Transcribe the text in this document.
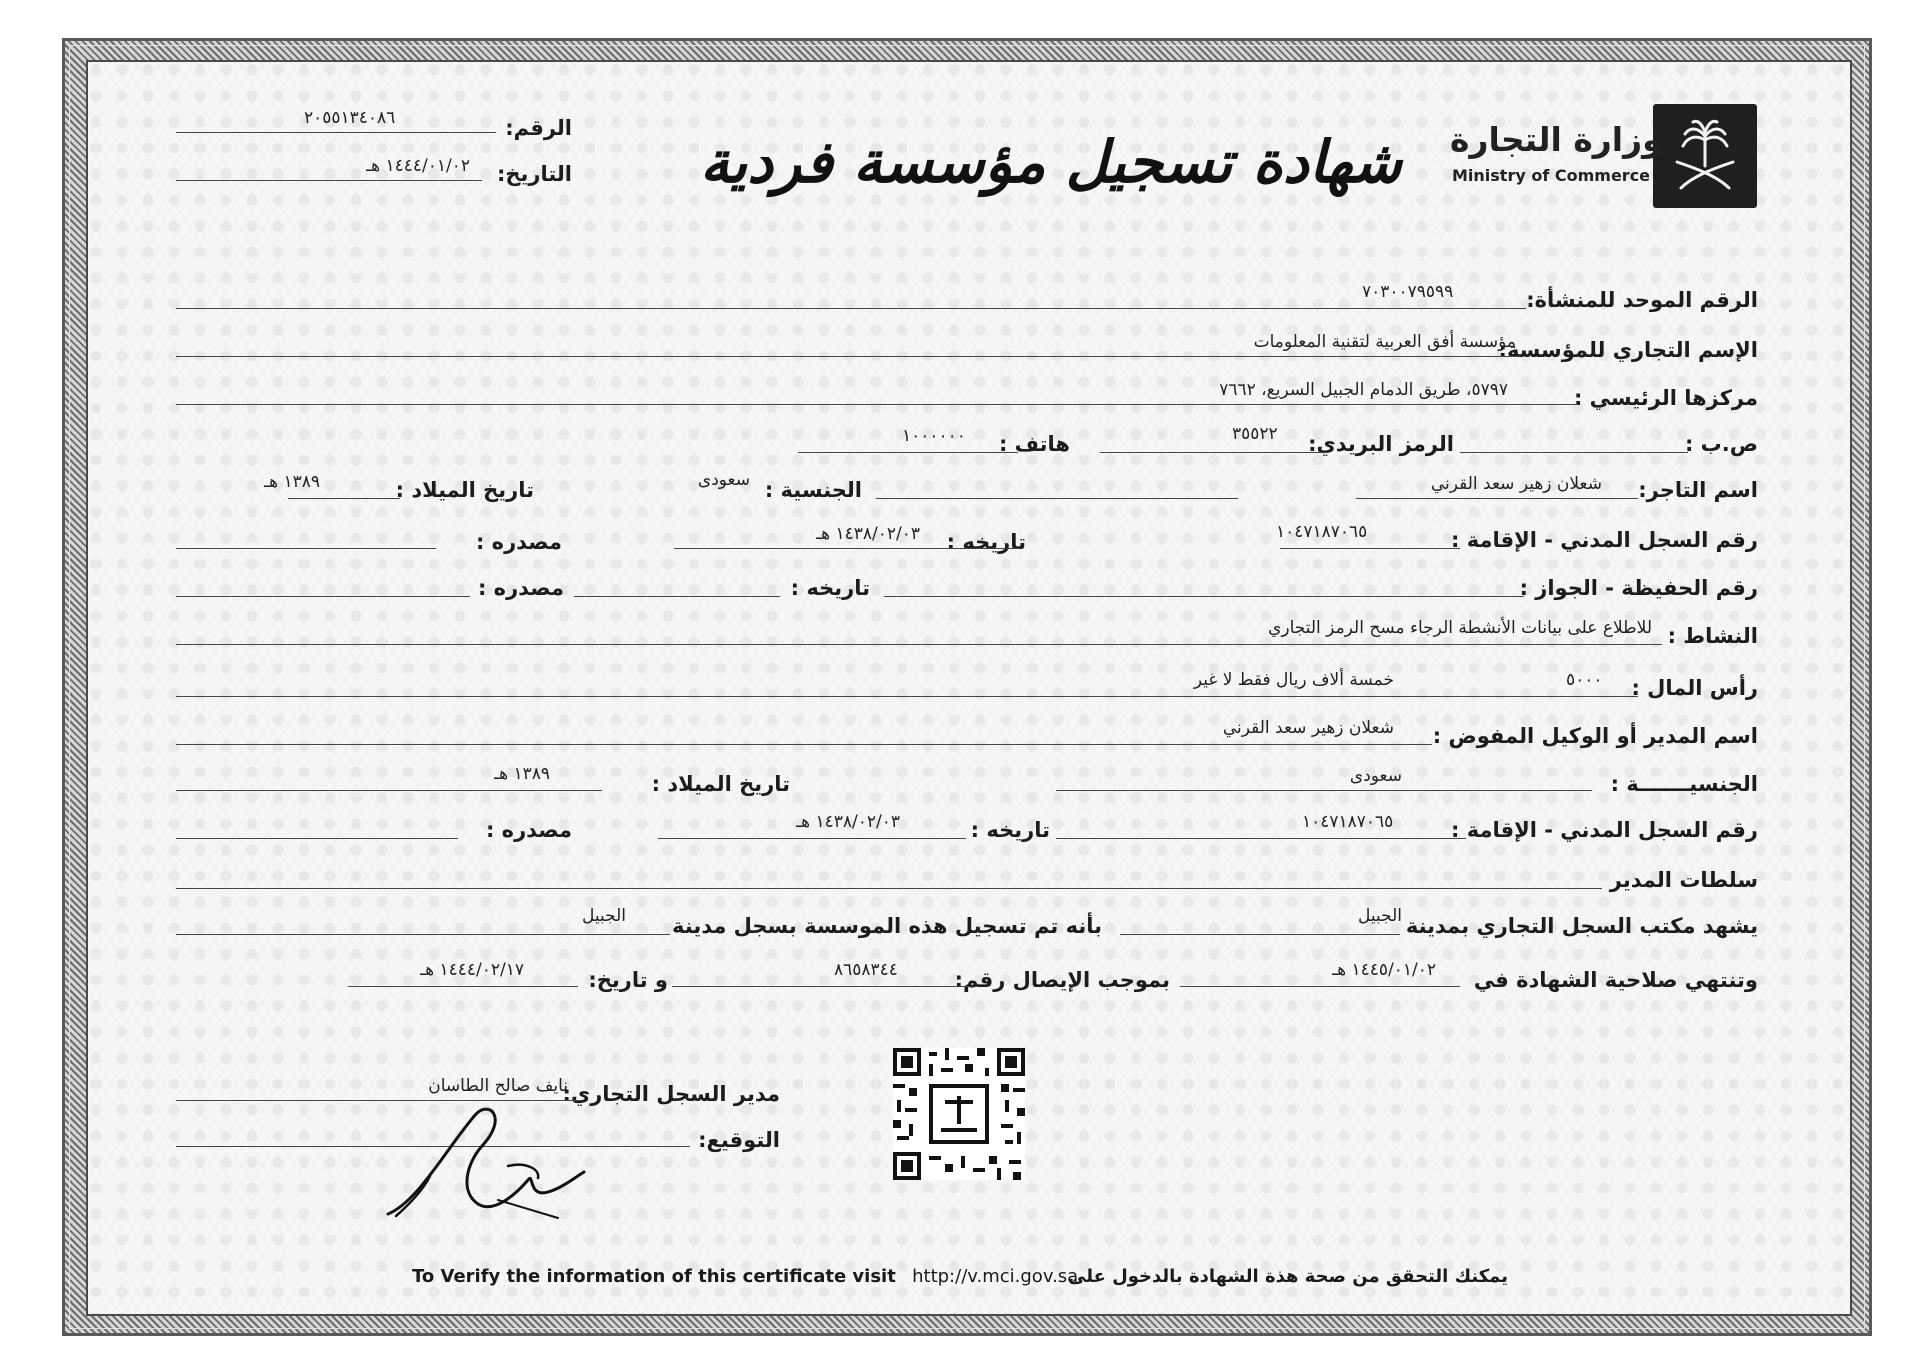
وزارة التجارة
Ministry of Commerce
شهادة تسجيل مؤسسة فردية
الرقم:
٢٠٥٥١٣٤٠٨٦
التاريخ:
١٤٤٤/٠١/٠٢ هـ
الرقم الموحد للمنشأة:
٧٠٣٠٠٧٩٥٩٩
الإسم التجاري للمؤسسة:
مؤسسة أفق العربية لتقنية المعلومات
مركزها الرئيسي :
٥٧٩٧، طريق الدمام الجبيل السريع، ٧٦٦٢
ص.ب :
الرمز البريدي:
٣٥٥٢٢
هاتف :
١٠٠٠٠٠٠
اسم التاجر:
شعلان زهير سعد القرني
الجنسية :
سعودى
تاريخ الميلاد :
١٣٨٩ هـ
رقم السجل المدني - الإقامة :
١٠٤٧١٨٧٠٦٥
تاريخه :
١٤٣٨/٠٢/٠٣ هـ
مصدره :
رقم الحفيظة - الجواز :
تاريخه :
مصدره :
النشاط :
للاطلاع على بيانات الأنشطة الرجاء مسح الرمز التجاري
رأس المال :
٥٠٠٠
خمسة ألاف ريال فقط لا غير
اسم المدير أو الوكيل المفوض :
شعلان زهير سعد القرني
الجنسيـــــــة :
سعودى
تاريخ الميلاد :
١٣٨٩ هـ
رقم السجل المدني - الإقامة :
١٠٤٧١٨٧٠٦٥
تاريخه :
١٤٣٨/٠٢/٠٣ هـ
مصدره :
سلطات المدير
يشهد مكتب السجل التجاري بمدينة
الجبيل
بأنه تم تسجيل هذه الموسسة بسجل مدينة
الجبيل
وتنتهي صلاحية الشهادة في
١٤٤٥/٠١/٠٢ هـ
بموجب الإيصال رقم:
٨٦٥٨٣٤٤
و تاريخ:
١٤٤٤/٠٢/١٧ هـ
مدير السجل التجاري:
نايف صالح الطاسان
التوقيع:
To Verify the information of this certificate visit http://v.mci.gov.sa
يمكنك التحقق من صحة هذة الشهادة بالدخول على
